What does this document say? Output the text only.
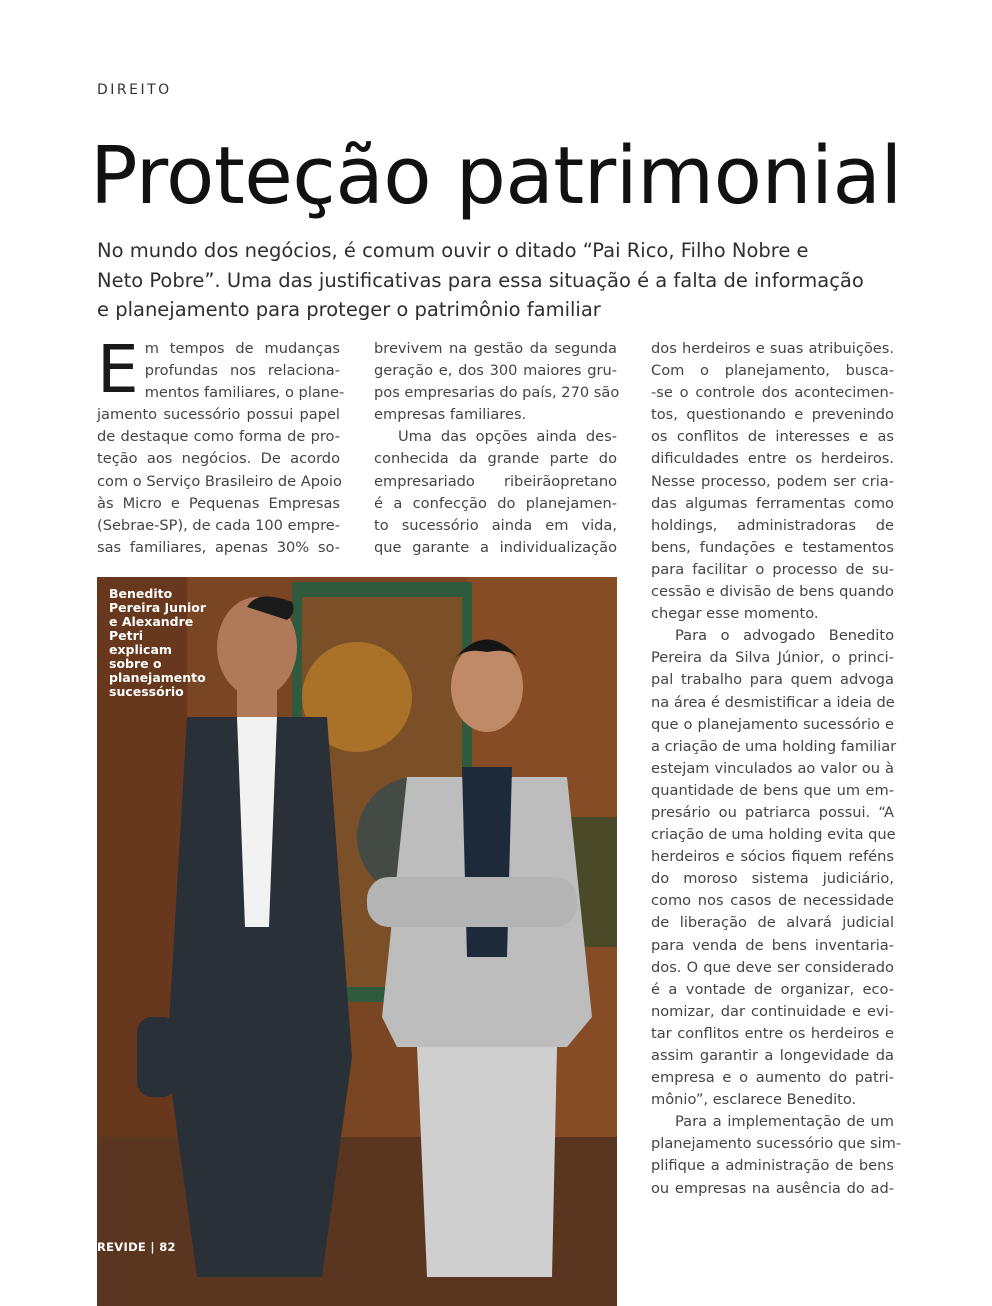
DIREITO
Proteção patrimonial
No mundo dos negócios, é comum ouvir o ditado “Pai Rico, Filho Nobre e
Neto Pobre”. Uma das justificativas para essa situação é a falta de informação
e planejamento para proteger o patrimônio familiar
E m tempos de mudanças
profundas nos relaciona-
mentos familiares, o plane-
jamento sucessório possui papel
de destaque como forma de pro-
teção aos negócios. De acordo
com o Serviço Brasileiro de Apoio
às Micro e Pequenas Empresas
(Sebrae-SP), de cada 100 empre-
sas familiares, apenas 30% so-
brevivem na gestão da segunda
geração e, dos 300 maiores gru-
pos empresarias do país, 270 são
empresas familiares.
Uma das opções ainda des-
conhecida da grande parte do
empresariado ribeirãopretano
é a confecção do planejamen-
to sucessório ainda em vida,
que garante a individualização
dos herdeiros e suas atribuições.
Com o planejamento, busca-
-se o controle dos acontecimen-
tos, questionando e prevenindo
os conflitos de interesses e as
dificuldades entre os herdeiros.
Nesse processo, podem ser cria-
das algumas ferramentas como
holdings, administradoras de
bens, fundações e testamentos
para facilitar o processo de su-
cessão e divisão de bens quando
chegar esse momento.
Para o advogado Benedito
Pereira da Silva Júnior, o princi-
pal trabalho para quem advoga
na área é desmistificar a ideia de
que o planejamento sucessório e
a criação de uma holding familiar
estejam vinculados ao valor ou à
quantidade de bens que um em-
presário ou patriarca possui. “A
criação de uma holding evita que
herdeiros e sócios fiquem reféns
do moroso sistema judiciário,
como nos casos de necessidade
de liberação de alvará judicial
para venda de bens inventaria-
dos. O que deve ser considerado
é a vontade de organizar, eco-
nomizar, dar continuidade e evi-
tar conflitos entre os herdeiros e
assim garantir a longevidade da
empresa e o aumento do patri-
mônio”, esclarece Benedito.
Para a implementação de um
planejamento sucessório que sim-
plifique a administração de bens
ou empresas na ausência do ad-
Benedito Pereira Junior e Alexandre Petri explicam sobre o planejamento sucessório
REVIDE | 82
